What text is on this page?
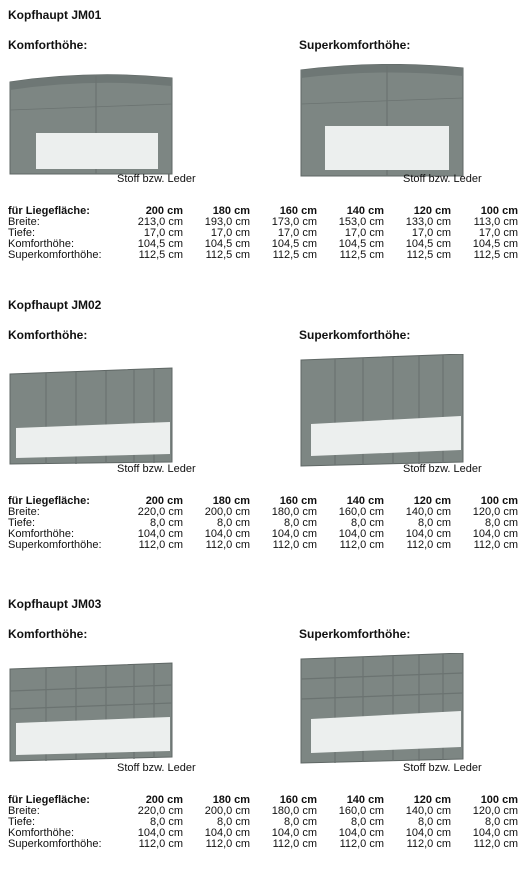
Kopfhaupt JM01
Komforthöhe:	Superkomforthöhe:
Stoff bzw. Leder	Stoff bzw. Leder
für Liegefläche:	200 cm	180 cm	160 cm	140 cm	120 cm	100 cm
Breite:	213,0 cm	193,0 cm	173,0 cm	153,0 cm	133,0 cm	113,0 cm
Tiefe:	17,0 cm	17,0 cm	17,0 cm	17,0 cm	17,0 cm	17,0 cm
Komforthöhe:	104,5 cm	104,5 cm	104,5 cm	104,5 cm	104,5 cm	104,5 cm
Superkomforthöhe:	112,5 cm	112,5 cm	112,5 cm	112,5 cm	112,5 cm	112,5 cm
Kopfhaupt JM02
Komforthöhe:	Superkomforthöhe:
Stoff bzw. Leder	Stoff bzw. Leder
für Liegefläche:	200 cm	180 cm	160 cm	140 cm	120 cm	100 cm
Breite:	220,0 cm	200,0 cm	180,0 cm	160,0 cm	140,0 cm	120,0 cm
Tiefe:	8,0 cm	8,0 cm	8,0 cm	8,0 cm	8,0 cm	8,0 cm
Komforthöhe:	104,0 cm	104,0 cm	104,0 cm	104,0 cm	104,0 cm	104,0 cm
Superkomforthöhe:	112,0 cm	112,0 cm	112,0 cm	112,0 cm	112,0 cm	112,0 cm
Kopfhaupt JM03
Komforthöhe:	Superkomforthöhe:
Stoff bzw. Leder	Stoff bzw. Leder
für Liegefläche:	200 cm	180 cm	160 cm	140 cm	120 cm	100 cm
Breite:	220,0 cm	200,0 cm	180,0 cm	160,0 cm	140,0 cm	120,0 cm
Tiefe:	8,0 cm	8,0 cm	8,0 cm	8,0 cm	8,0 cm	8,0 cm
Komforthöhe:	104,0 cm	104,0 cm	104,0 cm	104,0 cm	104,0 cm	104,0 cm
Superkomforthöhe:	112,0 cm	112,0 cm	112,0 cm	112,0 cm	112,0 cm	112,0 cm
